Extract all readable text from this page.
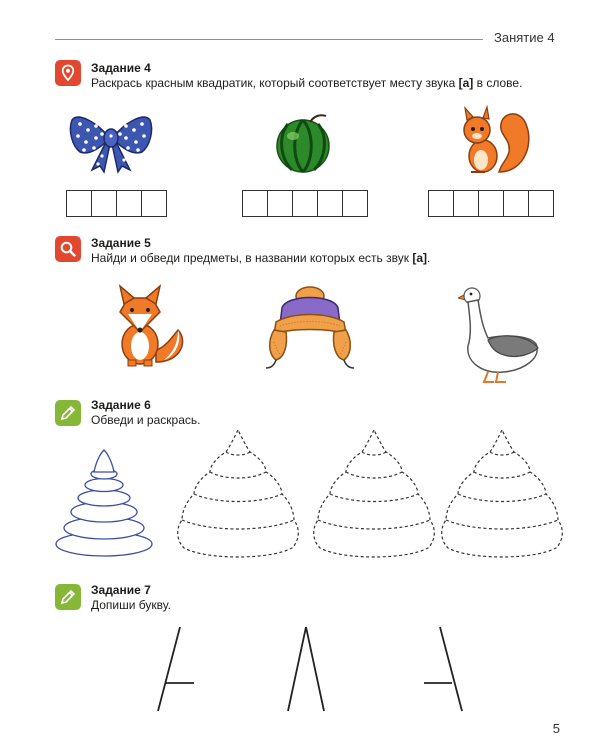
Занятие 4
Задание 4
Раскрась красным квадратик, который соответствует месту звука [а] в слове.
Задание 5
Найди и обведи предметы, в названии которых есть звук [а].
Задание 6
Обведи и раскрась.
Задание 7
Допиши букву.
5
